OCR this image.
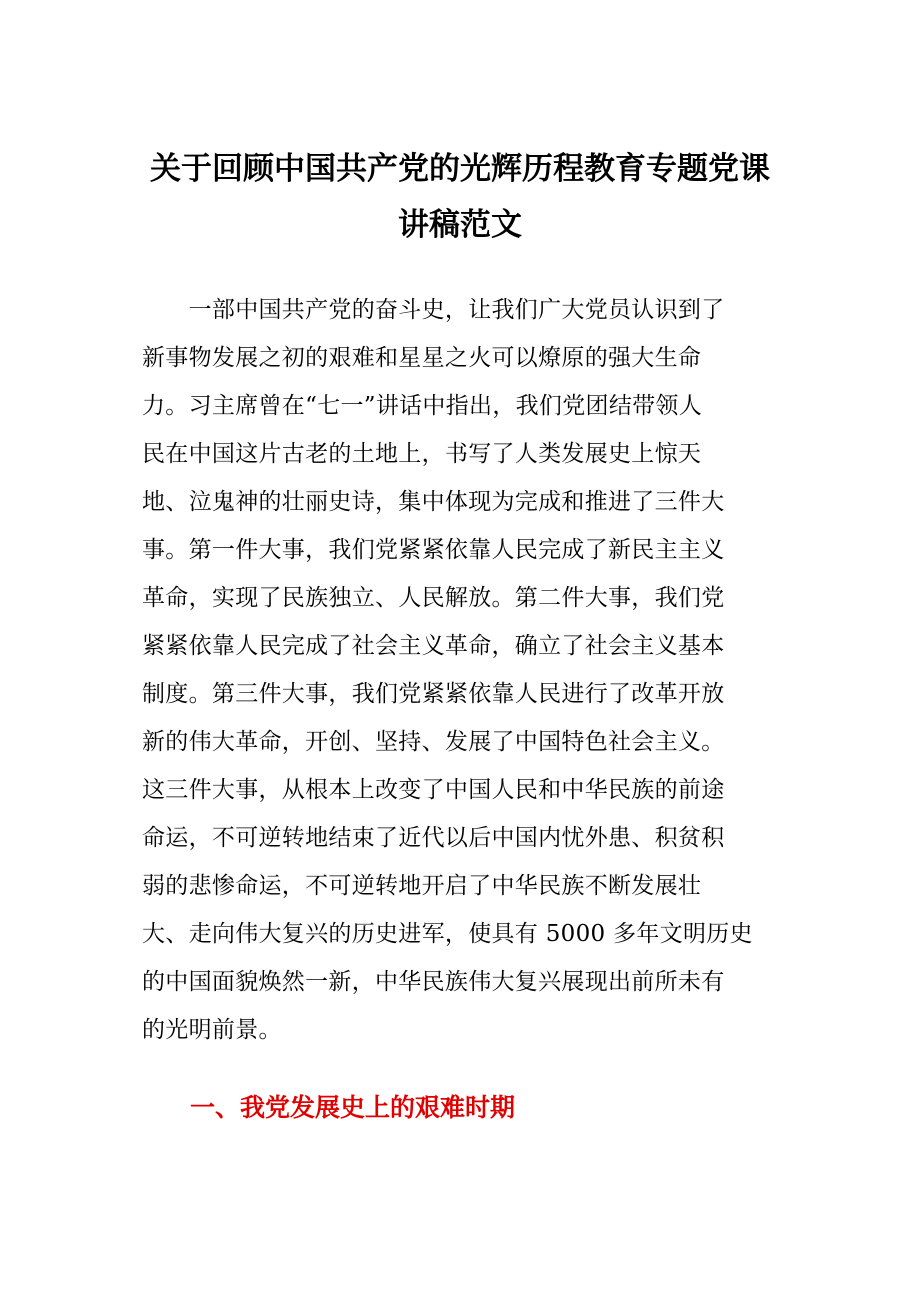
关于回顾中国共产党的光辉历程教育专题党课
讲稿范文
　　一部中国共产党的奋斗史，让我们广大党员认识到了
新事物发展之初的艰难和星星之火可以燎原的强大生命
力。习主席曾在“七一”讲话中指出，我们党团结带领人
民在中国这片古老的土地上，书写了人类发展史上惊天
地、泣鬼神的壮丽史诗，集中体现为完成和推进了三件大
事。第一件大事，我们党紧紧依靠人民完成了新民主主义
革命，实现了民族独立、人民解放。第二件大事，我们党
紧紧依靠人民完成了社会主义革命，确立了社会主义基本
制度。第三件大事，我们党紧紧依靠人民进行了改革开放
新的伟大革命，开创、坚持、发展了中国特色社会主义。
这三件大事，从根本上改变了中国人民和中华民族的前途
命运，不可逆转地结束了近代以后中国内忧外患、积贫积
弱的悲惨命运，不可逆转地开启了中华民族不断发展壮
大、走向伟大复兴的历史进军，使具有 5000 多年文明历史
的中国面貌焕然一新，中华民族伟大复兴展现出前所未有
的光明前景。
一、我党发展史上的艰难时期
